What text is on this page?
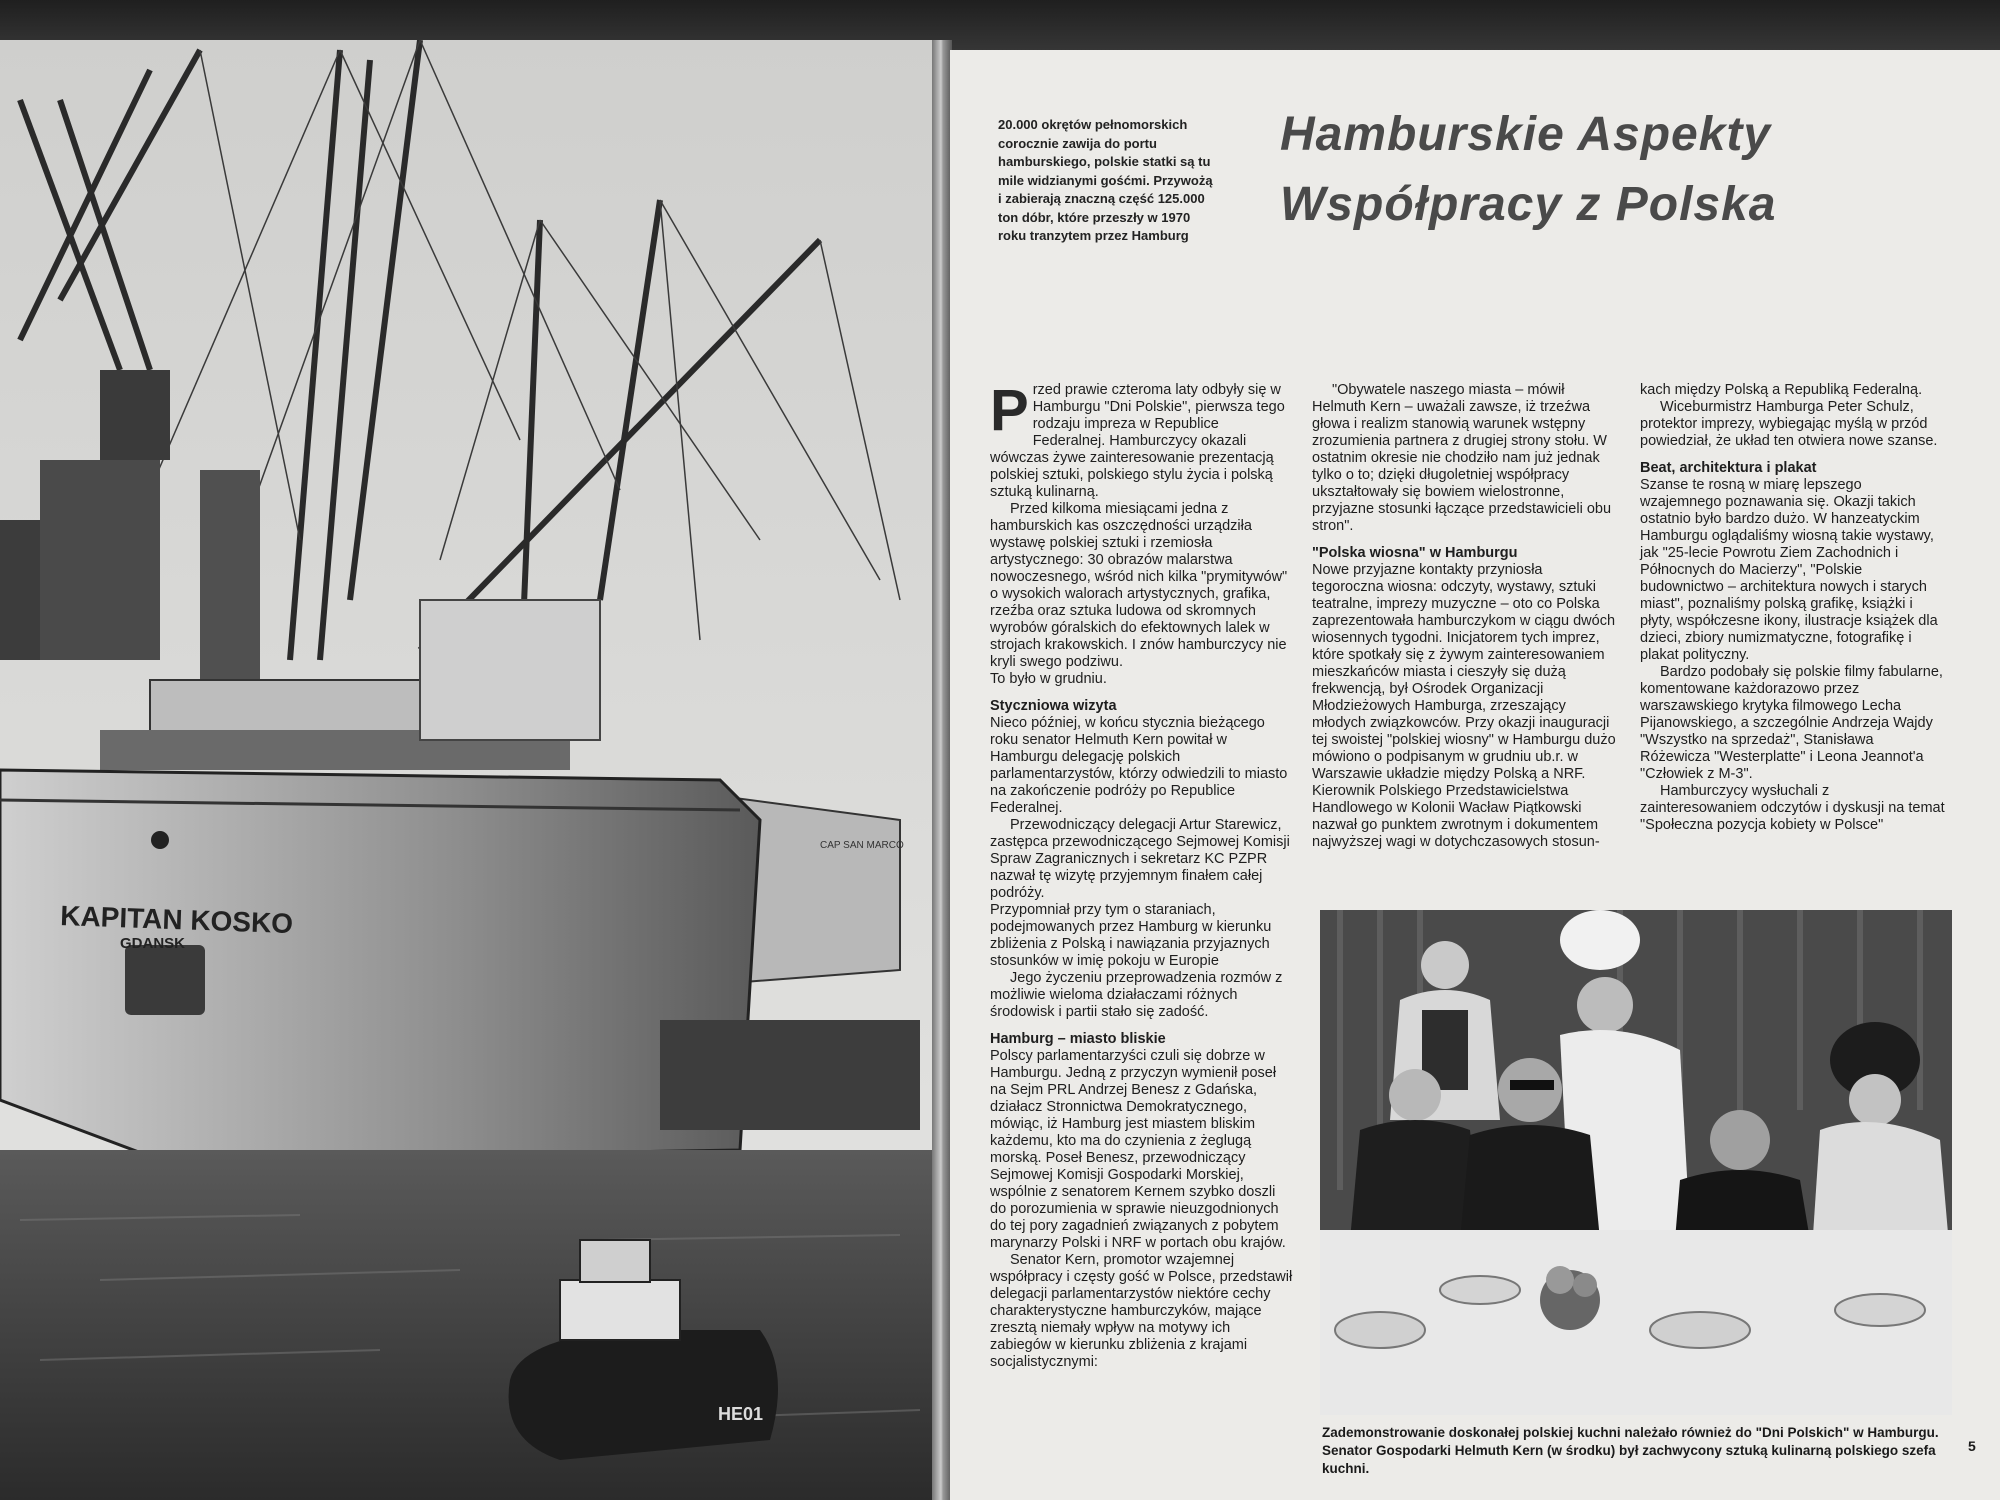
HE01
KAPITAN KOSKO
GDANSK
CAP SAN MARCO
20.000 okrętów pełnomorskich corocznie zawija do portu hamburskiego, polskie statki są tu mile widzianymi gośćmi. Przywożą i zabierają znaczną część 125.000 ton dóbr, które przeszły w 1970 roku tranzytem przez Hamburg
Hamburskie Aspekty
Współpracy z Polska
P rzed prawie czteroma laty odbyły się w Hamburgu "Dni Polskie", pierwsza tego rodzaju impreza w Republice Federalnej. Hamburczycy okazali wówczas żywe zainteresowanie prezentacją polskiej sztuki, polskiego stylu życia i polską sztuką kulinarną.

Przed kilkoma miesiącami jedna z hamburskich kas oszczędności urządziła wystawę polskiej sztuki i rzemiosła artystycznego: 30 obrazów malarstwa nowoczesnego, wśród nich kilka "prymitywów" o wysokich walorach artystycznych, grafika, rzeźba oraz sztuka ludowa od skromnych wyrobów góralskich do efektownych lalek w strojach krakowskich. I znów hamburczycy nie kryli swego podziwu.

To było w grudniu.

Styczniowa wizyta

Nieco później, w końcu stycznia bieżącego roku senator Helmuth Kern powitał w Hamburgu delegację polskich parlamentarzystów, którzy odwiedzili to miasto na zakończenie podróży po Republice Federalnej.

Przewodniczący delegacji Artur Starewicz, zastępca przewodniczącego Sejmowej Komisji Spraw Zagranicznych i sekretarz KC PZPR nazwał tę wizytę przyjemnym finałem całej podróży.

Przypomniał przy tym o staraniach, podejmowanych przez Hamburg w kierunku zbliżenia z Polską i nawiązania przyjaznych stosunków w imię pokoju w Europie

Jego życzeniu przeprowadzenia rozmów z możliwie wieloma działaczami różnych środowisk i partii stało się zadość.

Hamburg – miasto bliskie

Polscy parlamentarzyści czuli się dobrze w Hamburgu. Jedną z przyczyn wymienił poseł na Sejm PRL Andrzej Benesz z Gdańska, działacz Stronnictwa Demokratycznego, mówiąc, iż Hamburg jest miastem bliskim każdemu, kto ma do czynienia z żeglugą morską. Poseł Benesz, przewodniczący Sejmowej Komisji Gospodarki Morskiej, wspólnie z senatorem Kernem szybko doszli do porozumienia w sprawie nieuzgodnionych do tej pory zagadnień związanych z pobytem marynarzy Polski i NRF w portach obu krajów.

Senator Kern, promotor wzajemnej współpracy i częsty gość w Polsce, przedstawił delegacji parlamentarzystów niektóre cechy charakterystyczne hamburczyków, mające zresztą niemały wpływ na motywy ich zabiegów w kierunku zbliżenia z krajami socjalistycznymi:

"Obywatele naszego miasta – mówił Helmuth Kern – uważali zawsze, iż trzeźwa głowa i realizm stanowią warunek wstępny zrozumienia partnera z drugiej strony stołu. W ostatnim okresie nie chodziło nam już jednak tylko o to; dzięki długoletniej współpracy ukształtowały się bowiem wielostronne, przyjazne stosunki łączące przedstawicieli obu stron".

"Polska wiosna" w Hamburgu

Nowe przyjazne kontakty przyniosła tegoroczna wiosna: odczyty, wystawy, sztuki teatralne, imprezy muzyczne – oto co Polska zaprezentowała hamburczykom w ciągu dwóch wiosennych tygodni. Inicjatorem tych imprez, które spotkały się z żywym zainteresowaniem mieszkańców miasta i cieszyły się dużą frekwencją, był Ośrodek Organizacji Młodzieżowych Hamburga, zrzeszający młodych związkowców. Przy okazji inauguracji tej swoistej "polskiej wiosny" w Hamburgu dużo mówiono o podpisanym w grudniu ub.r. w Warszawie układzie między Polską a NRF. Kierownik Polskiego Przedstawicielstwa Handlowego w Kolonii Wacław Piątkowski nazwał go punktem zwrotnym i dokumentem najwyższej wagi w dotychczasowych stosun-

kach między Polską a Republiką Federalną.

Wiceburmistrz Hamburga Peter Schulz, protektor imprezy, wybiegając myślą w przód powiedział, że układ ten otwiera nowe szanse.

Beat, architektura i plakat

Szanse te rosną w miarę lepszego wzajemnego poznawania się. Okazji takich ostatnio było bardzo dużo. W hanzeatyckim Hamburgu oglądaliśmy wiosną takie wystawy, jak "25-lecie Powrotu Ziem Zachodnich i Północnych do Macierzy", "Polskie budownictwo – architektura nowych i starych miast", poznaliśmy polską grafikę, książki i płyty, współczesne ikony, ilustracje książek dla dzieci, zbiory numizmatyczne, fotografikę i plakat polityczny.

Bardzo podobały się polskie filmy fabularne, komentowane każdorazowo przez warszawskiego krytyka filmowego Lecha Pijanowskiego, a szczególnie Andrzeja Wajdy "Wszystko na sprzedaż", Stanisława Różewicza "Westerplatte" i Leona Jeannot'a "Człowiek z M-3".

Hamburczycy wysłuchali z zainteresowaniem odczytów i dyskusji na temat "Społeczna pozycja kobiety w Polsce"

Zademonstrowanie doskonałej polskiej kuchni należało również do "Dni Polskich" w Hamburgu. Senator Gospodarki Helmuth Kern (w środku) był zachwycony sztuką kulinarną polskiego szefa kuchni.
5
